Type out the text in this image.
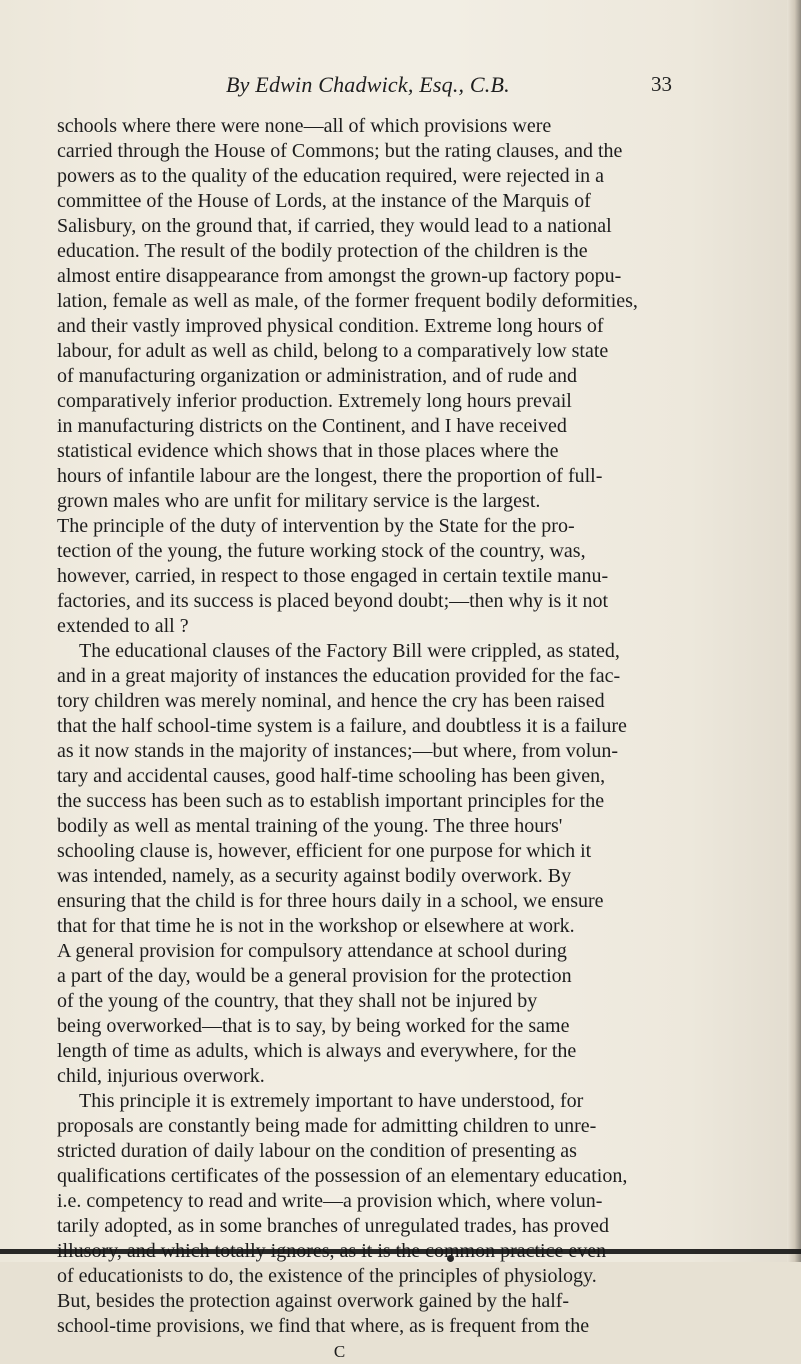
By Edwin Chadwick, Esq., C.B.	33
schools where there were none—all of which provisions were
carried through the House of Commons; but the rating clauses, and the
powers as to the quality of the education required, were rejected in a
committee of the House of Lords, at the instance of the Marquis of
Salisbury, on the ground that, if carried, they would lead to a national
education. The result of the bodily protection of the children is the
almost entire disappearance from amongst the grown-up factory popu-
lation, female as well as male, of the former frequent bodily deformities,
and their vastly improved physical condition. Extreme long hours of
labour, for adult as well as child, belong to a comparatively low state
of manufacturing organization or administration, and of rude and
comparatively inferior production. Extremely long hours prevail
in manufacturing districts on the Continent, and I have received
statistical evidence which shows that in those places where the
hours of infantile labour are the longest, there the proportion of full-
grown males who are unfit for military service is the largest.
The principle of the duty of intervention by the State for the pro-
tection of the young, the future working stock of the country, was,
however, carried, in respect to those engaged in certain textile manu-
factories, and its success is placed beyond doubt;—then why is it not
extended to all ?
The educational clauses of the Factory Bill were crippled, as stated,
and in a great majority of instances the education provided for the fac-
tory children was merely nominal, and hence the cry has been raised
that the half school-time system is a failure, and doubtless it is a failure
as it now stands in the majority of instances;—but where, from volun-
tary and accidental causes, good half-time schooling has been given,
the success has been such as to establish important principles for the
bodily as well as mental training of the young. The three hours'
schooling clause is, however, efficient for one purpose for which it
was intended, namely, as a security against bodily overwork. By
ensuring that the child is for three hours daily in a school, we ensure
that for that time he is not in the workshop or elsewhere at work.
A general provision for compulsory attendance at school during
a part of the day, would be a general provision for the protection
of the young of the country, that they shall not be injured by
being overworked—that is to say, by being worked for the same
length of time as adults, which is always and everywhere, for the
child, injurious overwork.
This principle it is extremely important to have understood, for
proposals are constantly being made for admitting children to unre-
stricted duration of daily labour on the condition of presenting as
qualifications certificates of the possession of an elementary education,
i.e. competency to read and write—a provision which, where volun-
tarily adopted, as in some branches of unregulated trades, has proved
of educationists to do, the existence of the principles of physiology.
But, besides the protection against overwork gained by the half-
school-time provisions, we find that where, as is frequent from the
C
